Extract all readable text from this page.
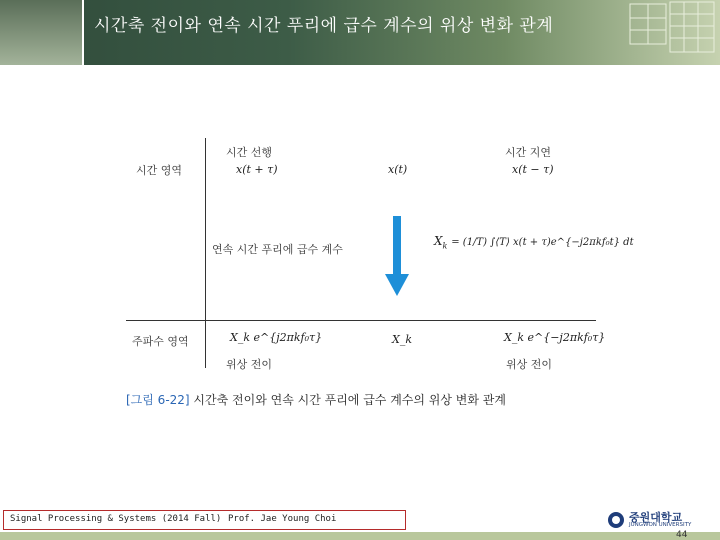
시간축 전이와 연속 시간 푸리에 급수 계수의 위상 변화 관계
시간 선행	시간 지연
시간 영역	x(t + τ)	x(t)	x(t − τ)
연속 시간 푸리에 급수 계수
$X_k = (1/T)$ ∫⟨T⟩ x(t + τ)e^{−j2πkf₀t} dt
주파수 영역	X_k e^{j2πkf₀τ}	X_k	X_k e^{−j2πkf₀τ}
위상 전이	위상 전이
[그림 6-22] 시간축 전이와 연속 시간 푸리에 급수 계수의 위상 변화 관계
Signal Processing & Systems (2014 Fall) Prof. Jae Young Choi	중원대학교
JUNGWON UNIVERSITY
44
